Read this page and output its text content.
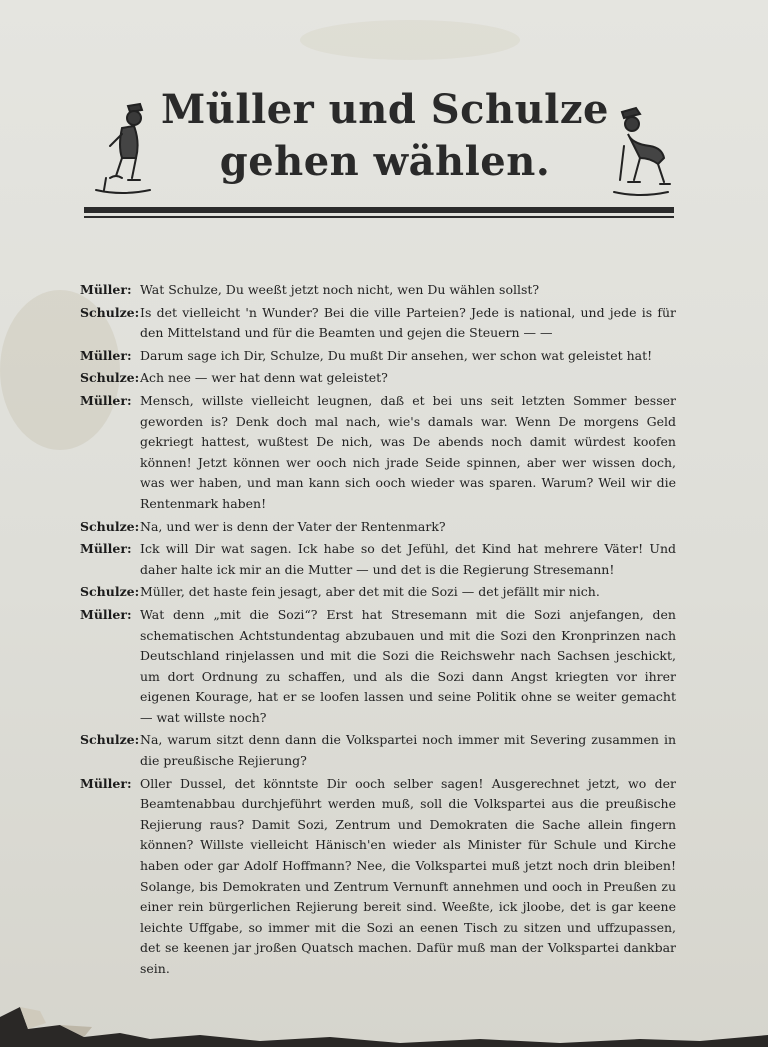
Müller und Schulze
gehen wählen.
Müller: Wat Schulze, Du weeßt jetzt noch nicht, wen Du wählen sollst?
Schulze: Is det vielleicht 'n Wunder? Bei die ville Parteien? Jede is national, und jede is für den Mittelstand und für die Beamten und gejen die Steuern — —
Müller: Darum sage ich Dir, Schulze, Du mußt Dir ansehen, wer schon wat geleistet hat!
Schulze: Ach nee — wer hat denn wat geleistet?
Müller: Mensch, willste vielleicht leugnen, daß et bei uns seit letzten Sommer besser geworden is? Denk doch mal nach, wie's damals war. Wenn De morgens Geld gekriegt hattest, wußtest De nich, was De abends noch damit würdest koofen können! Jetzt können wer ooch nich jrade Seide spinnen, aber wer wissen doch, was wer haben, und man kann sich ooch wieder was sparen. Warum? Weil wir die Rentenmark haben!
Schulze: Na, und wer is denn der Vater der Rentenmark?
Müller: Ick will Dir wat sagen. Ick habe so det Jefühl, det Kind hat mehrere Väter! Und daher halte ick mir an die Mutter — und det is die Regierung Stresemann!
Schulze: Müller, det haste fein jesagt, aber det mit die Sozi — det jefällt mir nich.
Müller: Wat denn „mit die Sozi“? Erst hat Stresemann mit die Sozi anjefangen, den schematischen Achtstundentag abzubauen und mit die Sozi den Kronprinzen nach Deutschland rinjelassen und mit die Sozi die Reichswehr nach Sachsen jeschickt, um dort Ordnung zu schaffen, und als die Sozi dann Angst kriegten vor ihrer eigenen Kourage, hat er se loofen lassen und seine Politik ohne se weiter gemacht — wat willste noch?
Schulze: Na, warum sitzt denn dann die Volkspartei noch immer mit Severing zusammen in die preußische Rejierung?
Müller: Oller Dussel, det könntste Dir ooch selber sagen! Ausgerechnet jetzt, wo der Beamtenabbau durchjeführt werden muß, soll die Volkspartei aus die preußische Rejierung raus? Damit Sozi, Zentrum und Demokraten die Sache allein fingern können? Willste vielleicht Hänisch'en wieder als Minister für Schule und Kirche haben oder gar Adolf Hoffmann? Nee, die Volkspartei muß jetzt noch drin bleiben! Solange, bis Demokraten und Zentrum Vernunft annehmen und ooch in Preußen zu einer rein bürgerlichen Rejierung bereit sind. Weeßte, ick jloobe, det is gar keene leichte Uffgabe, so immer mit die Sozi an eenen Tisch zu sitzen und uffzupassen, det se keenen jar jroßen Quatsch machen. Dafür muß man der Volkspartei dankbar sein.
